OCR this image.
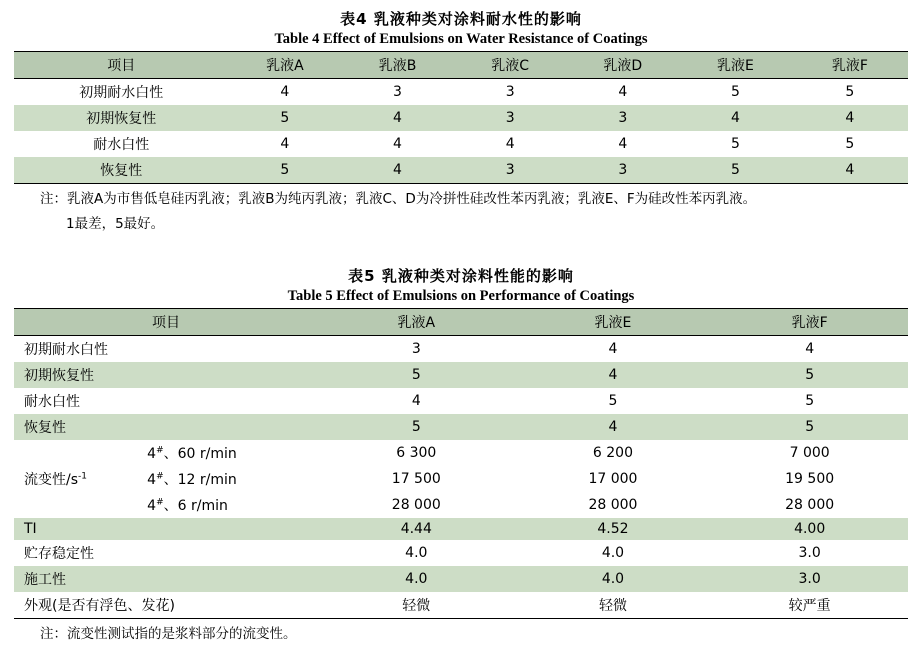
表4 乳液种类对涂料耐水性的影响
Table 4 Effect of Emulsions on Water Resistance of Coatings
项目	乳液A	乳液B	乳液C	乳液D	乳液E	乳液F
初期耐水白性	4	3	3	4	5	5
初期恢复性	5	4	3	3	4	4
耐水白性	4	4	4	4	5	5
恢复性	5	4	3	3	5	4
注：乳液A为市售低皂硅丙乳液；乳液B为纯丙乳液；乳液C、D为冷拼性硅改性苯丙乳液；乳液E、F为硅改性苯丙乳液。
1最差，5最好。
表5 乳液种类对涂料性能的影响
Table 5 Effect of Emulsions on Performance of Coatings
项目		乳液A	乳液E	乳液F
初期耐水白性		3	4	4
初期恢复性		5	4	5
耐水白性		4	5	5
恢复性		5	4	5
流变性$/s^{-1}$	4#、60 r/min	6 300	6 200	7 000
	4#、12 r/min	17 500	17 000	19 500
	4#、6 r/min	28 000	28 000	28 000
TI		4.44	4.52	4.00
贮存稳定性		4.0	4.0	3.0
施工性		4.0	4.0	3.0
外观(是否有浮色、发花)		轻微	轻微	较严重
注：流变性测试指的是浆料部分的流变性。
